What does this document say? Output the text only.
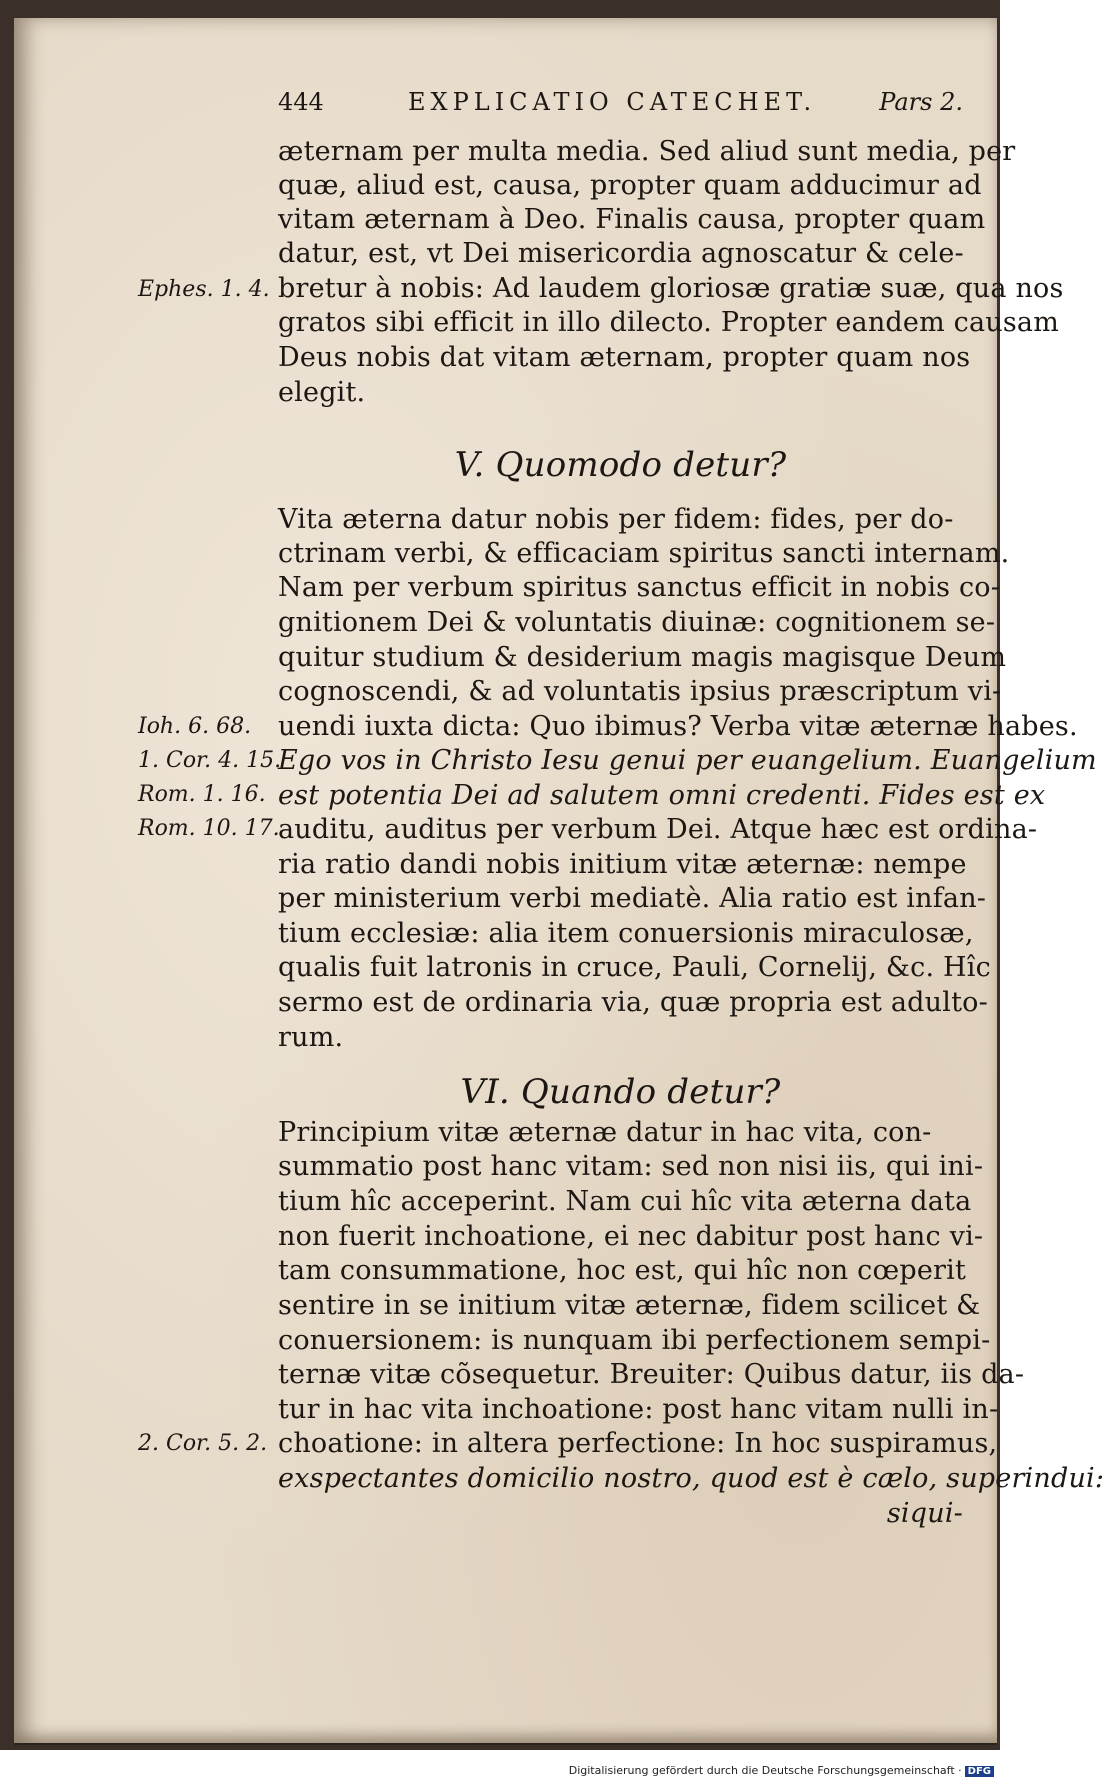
444	EXPLICATIO CATECHET.	Pars 2.
æternam per multa media. Sed aliud sunt media, per
quæ, aliud est, causa, propter quam adducimur ad
vitam æternam à Deo. Finalis causa, propter quam
datur, est, vt Dei misericordia agnoscatur & cele-
bretur à nobis: Ad laudem gloriosæ gratiæ suæ, qua nos
gratos sibi efficit in illo dilecto. Propter eandem causam
Deus nobis dat vitam æternam, propter quam nos
elegit.
V. Quomodo detur?
Vita æterna datur nobis per fidem: fides, per do-
ctrinam verbi, & efficaciam spiritus sancti internam.
Nam per verbum spiritus sanctus efficit in nobis co-
gnitionem Dei & voluntatis diuinæ: cognitionem se-
quitur studium & desiderium magis magisque Deum
cognoscendi, & ad voluntatis ipsius præscriptum vi-
uendi iuxta dicta: Quo ibimus? Verba vitæ æternæ habes.
Ego vos in Christo Iesu genui per euangelium. Euangelium
est potentia Dei ad salutem omni credenti. Fides est ex
auditu, auditus per verbum Dei. Atque hæc est ordina-
ria ratio dandi nobis initium vitæ æternæ: nempe
per ministerium verbi mediatè. Alia ratio est infan-
tium ecclesiæ: alia item conuersionis miraculosæ,
qualis fuit latronis in cruce, Pauli, Cornelij, &c. Hîc
sermo est de ordinaria via, quæ propria est adulto-
rum.
VI. Quando detur?
Principium vitæ æternæ datur in hac vita, con-
summatio post hanc vitam: sed non nisi iis, qui ini-
tium hîc acceperint. Nam cui hîc vita æterna data
non fuerit inchoatione, ei nec dabitur post hanc vi-
tam consummatione, hoc est, qui hîc non cœperit
sentire in se initium vitæ æternæ, fidem scilicet &
conuersionem: is nunquam ibi perfectionem sempi-
ternæ vitæ cõsequetur. Breuiter: Quibus datur, iis da-
tur in hac vita inchoatione: post hanc vitam nulli in-
choatione: in altera perfectione: In hoc suspiramus,
exspectantes domicilio nostro, quod est è cælo, superindui:
siqui-
Ephes. 1. 4.
Ioh. 6. 68.
1. Cor. 4. 15.
Rom. 1. 16.
Rom. 10. 17.
2. Cor. 5. 2.
Digitalisierung gefördert durch die Deutsche Forschungsgemeinschaft · DFG
